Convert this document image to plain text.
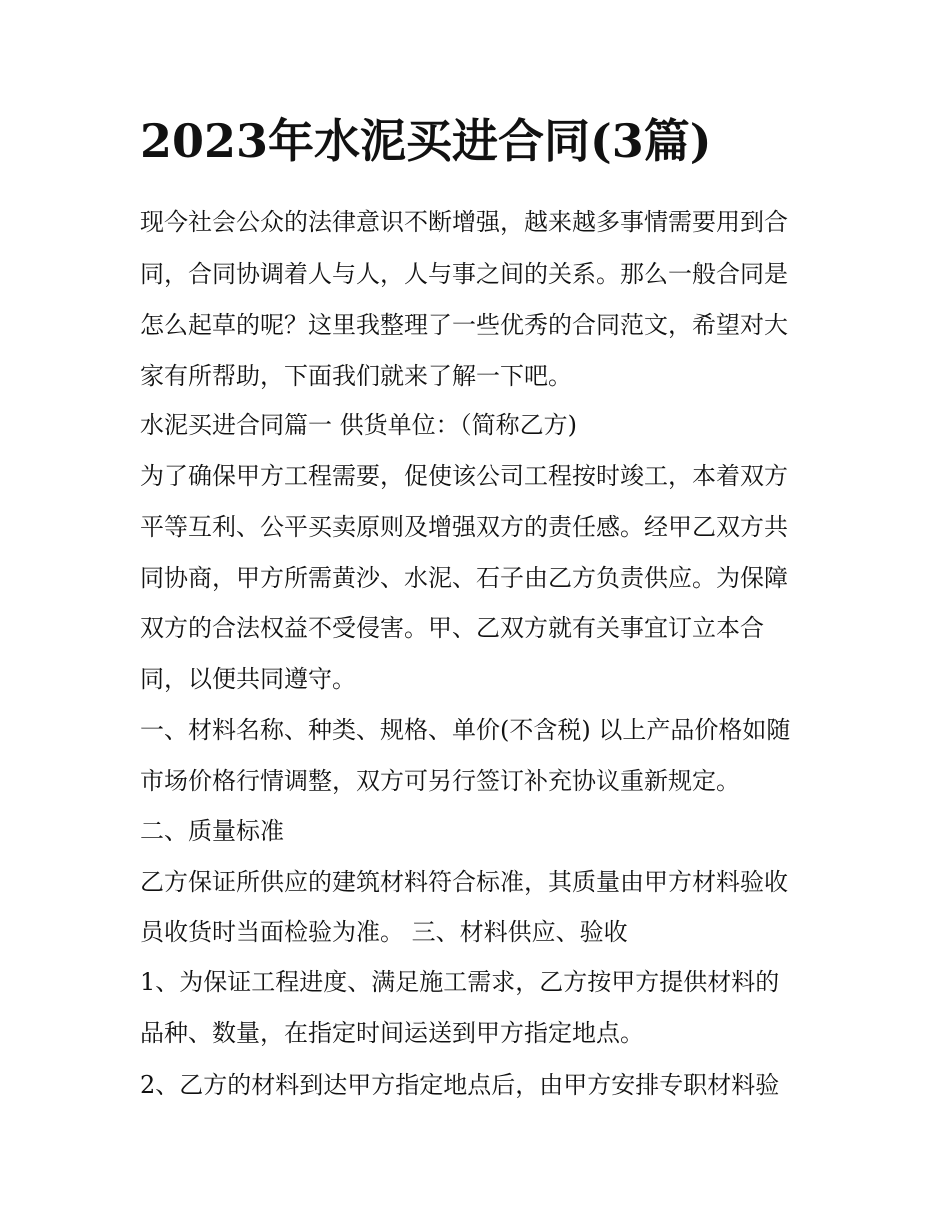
2023年水泥买进合同(3篇)

现今社会公众的法律意识不断增强，越来越多事情需要用到合

同，合同协调着人与人，人与事之间的关系。那么一般合同是

怎么起草的呢？这里我整理了一些优秀的合同范文，希望对大

家有所帮助，下面我们就来了解一下吧。

水泥买进合同篇一 供货单位：（简称乙方)

为了确保甲方工程需要，促使该公司工程按时竣工，本着双方

平等互利、公平买卖原则及增强双方的责任感。经甲乙双方共

同协商，甲方所需黄沙、水泥、石子由乙方负责供应。为保障

双方的合法权益不受侵害。甲、乙双方就有关事宜订立本合

同，以便共同遵守。

一、材料名称、种类、规格、单价(不含税) 以上产品价格如随

市场价格行情调整，双方可另行签订补充协议重新规定。

二、质量标准

乙方保证所供应的建筑材料符合标准，其质量由甲方材料验收

员收货时当面检验为准。 三、材料供应、验收

1、为保证工程进度、满足施工需求，乙方按甲方提供材料的

品种、数量，在指定时间运送到甲方指定地点。

2、乙方的材料到达甲方指定地点后，由甲方安排专职材料验
